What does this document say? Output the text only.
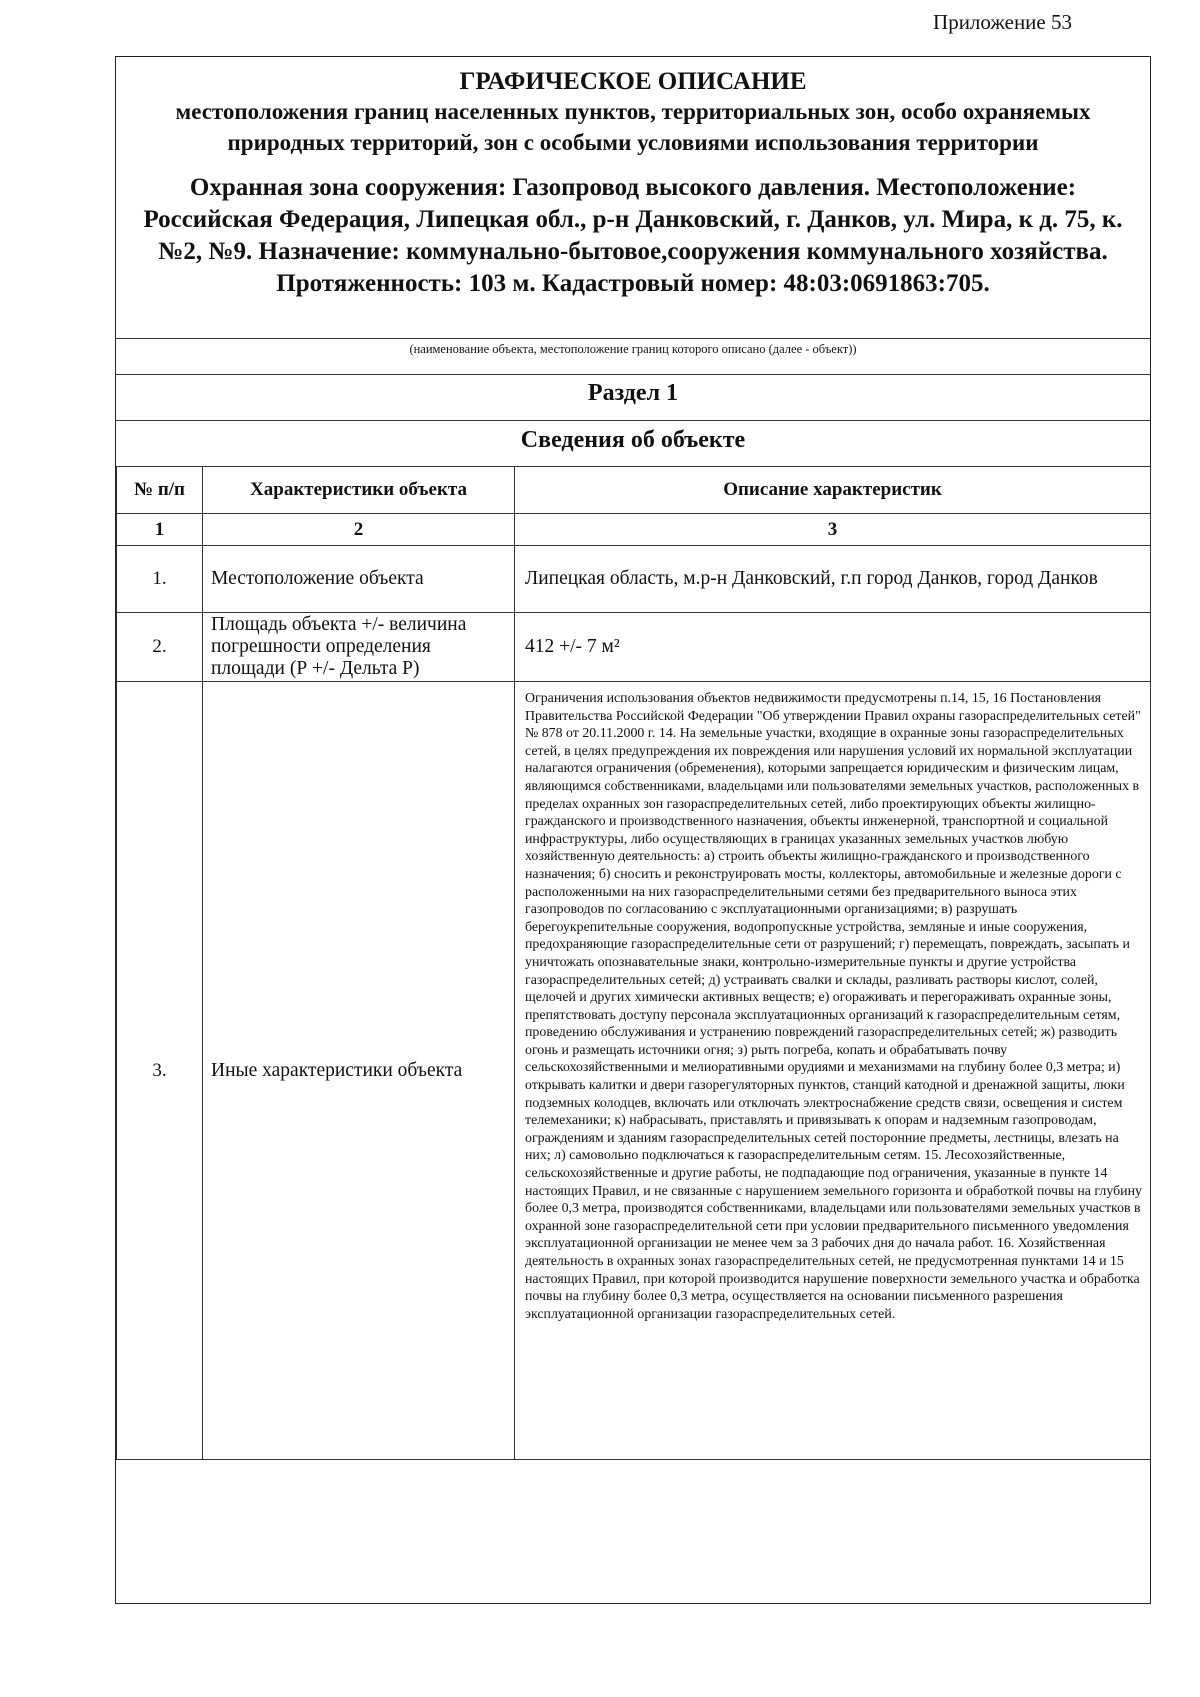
Приложение 53
ГРАФИЧЕСКОЕ ОПИСАНИЕ
местоположения границ населенных пунктов, территориальных зон, особо охраняемых природных территорий, зон с особыми условиями использования территории
Охранная зона сооружения: Газопровод высокого давления. Местоположение: Российская Федерация, Липецкая обл., р-н Данковский, г. Данков, ул. Мира, к д. 75, к. №2, №9. Назначение: коммунально-бытовое,сооружения коммунального хозяйства. Протяженность: 103 м. Кадастровый номер: 48:03:0691863:705.
(наименование объекта, местоположение границ которого описано (далее - объект))
Раздел 1
Сведения об объекте
№ п/п	Характеристики объекта	Описание характеристик
1	2	3
1.	Местоположение объекта	Липецкая область, м.р-н Данковский, г.п город Данков, город Данков
2.	Площадь объекта +/- величина погрешности определения площади (Р +/- Дельта Р)	412 +/- 7 м²
3.	Иные характеристики объекта	Ограничения использования объектов недвижимости предусмотрены п.14, 15, 16 Постановления Правительства Российской Федерации "Об утверждении Правил охраны газораспределительных сетей" № 878 от 20.11.2000 г. 14. На земельные участки, входящие в охранные зоны газораспределительных сетей, в целях предупреждения их повреждения или нарушения условий их нормальной эксплуатации налагаются ограничения (обременения), которыми запрещается юридическим и физическим лицам, являющимся собственниками, владельцами или пользователями земельных участков, расположенных в пределах охранных зон газораспределительных сетей, либо проектирующих объекты жилищно-гражданского и производственного назначения, объекты инженерной, транспортной и социальной инфраструктуры, либо осуществляющих в границах указанных земельных участков любую хозяйственную деятельность: а) строить объекты жилищно-гражданского и производственного назначения; б) сносить и реконструировать мосты, коллекторы, автомобильные и железные дороги с расположенными на них газораспределительными сетями без предварительного выноса этих газопроводов по согласованию с эксплуатационными организациями; в) разрушать берегоукрепительные сооружения, водопропускные устройства, земляные и иные сооружения, предохраняющие газораспределительные сети от разрушений; г) перемещать, повреждать, засыпать и уничтожать опознавательные знаки, контрольно-измерительные пункты и другие устройства газораспределительных сетей; д) устраивать свалки и склады, разливать растворы кислот, солей, щелочей и других химически активных веществ; е) огораживать и перегораживать охранные зоны, препятствовать доступу персонала эксплуатационных организаций к газораспределительным сетям, проведению обслуживания и устранению повреждений газораспределительных сетей; ж) разводить огонь и размещать источники огня; з) рыть погреба, копать и обрабатывать почву сельскохозяйственными и мелиоративными орудиями и механизмами на глубину более 0,3 метра; и) открывать калитки и двери газорегуляторных пунктов, станций катодной и дренажной защиты, люки подземных колодцев, включать или отключать электроснабжение средств связи, освещения и систем телемеханики; к) набрасывать, приставлять и привязывать к опорам и надземным газопроводам, ограждениям и зданиям газораспределительных сетей посторонние предметы, лестницы, влезать на них; л) самовольно подключаться к газораспределительным сетям. 15. Лесохозяйственные, сельскохозяйственные и другие работы, не подпадающие под ограничения, указанные в пункте 14 настоящих Правил, и не связанные с нарушением земельного горизонта и обработкой почвы на глубину более 0,3 метра, производятся собственниками, владельцами или пользователями земельных участков в охранной зоне газораспределительной сети при условии предварительного письменного уведомления эксплуатационной организации не менее чем за 3 рабочих дня до начала работ. 16. Хозяйственная деятельность в охранных зонах газораспределительных сетей, не предусмотренная пунктами 14 и 15 настоящих Правил, при которой производится нарушение поверхности земельного участка и обработка почвы на глубину более 0,3 метра, осуществляется на основании письменного разрешения эксплуатационной организации газораспределительных сетей.
